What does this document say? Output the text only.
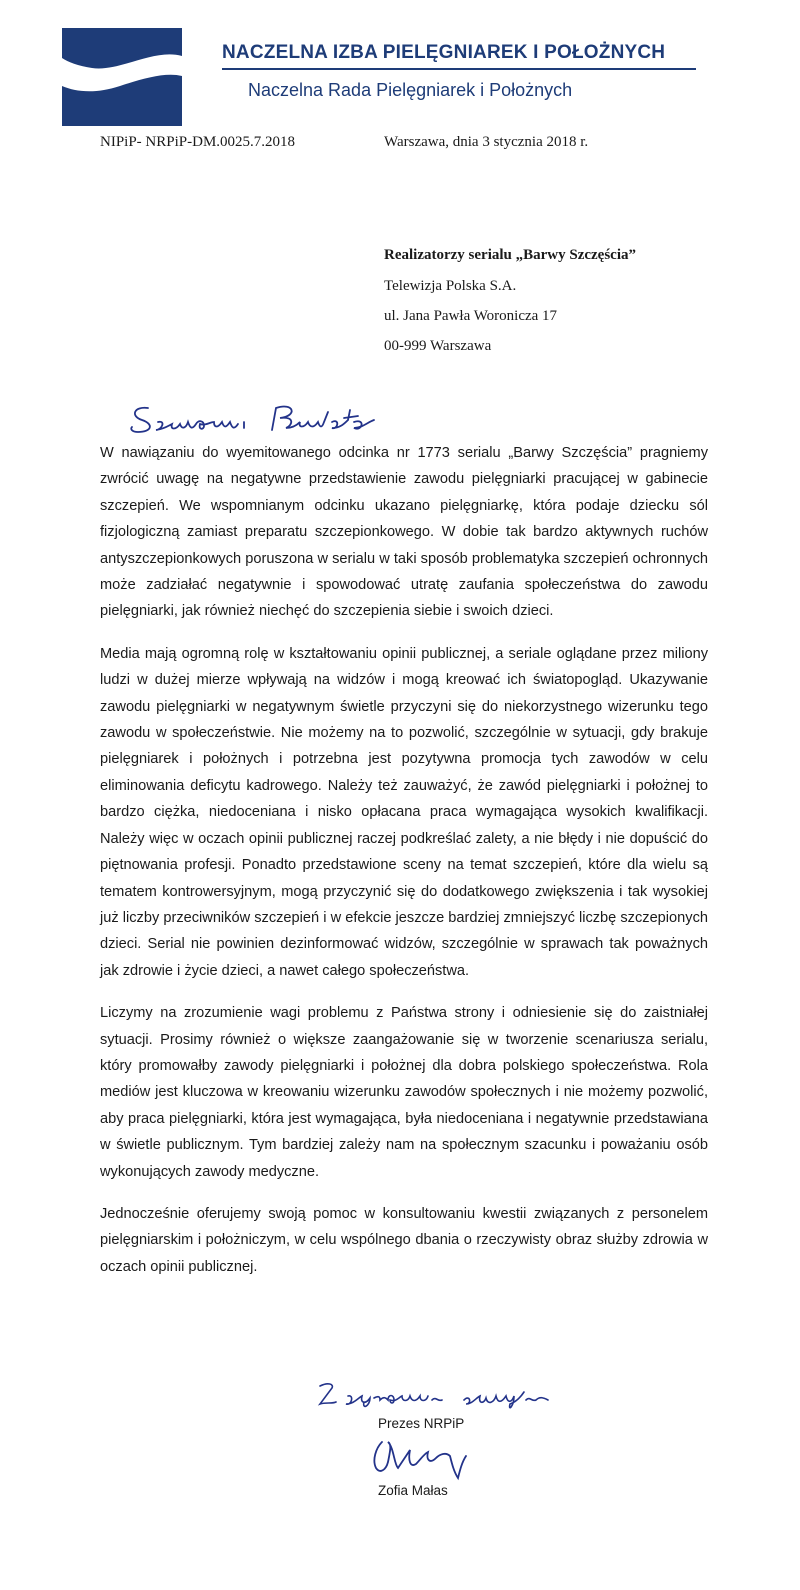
NACZELNA IZBA PIELĘGNIAREK I POŁOŻNYCH
Naczelna Rada Pielęgniarek i Położnych
NIPiP- NRPiP-DM.0025.7.2018	Warszawa, dnia 3 stycznia 2018 r.
Realizatorzy serialu „Barwy Szczęścia”
Telewizja Polska S.A.
ul. Jana Pawła Woronicza 17
00-999 Warszawa

W nawiązaniu do wyemitowanego odcinka nr 1773 serialu „Barwy Szczęścia” pragniemy zwrócić uwagę na negatywne przedstawienie zawodu pielęgniarki pracującej w gabinecie szczepień. We wspomnianym odcinku ukazano pielęgniarkę, która podaje dziecku sól fizjologiczną zamiast preparatu szczepionkowego. W dobie tak bardzo aktywnych ruchów antyszczepionkowych poruszona w serialu w taki sposób problematyka szczepień ochronnych może zadziałać negatywnie i spowodować utratę zaufania społeczeństwa do zawodu pielęgniarki, jak również niechęć do szczepienia siebie i swoich dzieci.

Media mają ogromną rolę w kształtowaniu opinii publicznej, a seriale oglądane przez miliony ludzi w dużej mierze wpływają na widzów i mogą kreować ich światopogląd. Ukazywanie zawodu pielęgniarki w negatywnym świetle przyczyni się do niekorzystnego wizerunku tego zawodu w społeczeństwie. Nie możemy na to pozwolić, szczególnie w sytuacji, gdy brakuje pielęgniarek i położnych i potrzebna jest pozytywna promocja tych zawodów w celu eliminowania deficytu kadrowego. Należy też zauważyć, że zawód pielęgniarki i położnej to bardzo ciężka, niedoceniana i nisko opłacana praca wymagająca wysokich kwalifikacji. Należy więc w oczach opinii publicznej raczej podkreślać zalety, a nie błędy i nie dopuścić do piętnowania profesji. Ponadto przedstawione sceny na temat szczepień, które dla wielu są tematem kontrowersyjnym, mogą przyczynić się do dodatkowego zwiększenia i tak wysokiej już liczby przeciwników szczepień i w efekcie jeszcze bardziej zmniejszyć liczbę szczepionych dzieci. Serial nie powinien dezinformować widzów, szczególnie w sprawach tak poważnych jak zdrowie i życie dzieci, a nawet całego społeczeństwa.

Liczymy na zrozumienie wagi problemu z Państwa strony i odniesienie się do zaistniałej sytuacji. Prosimy również o większe zaangażowanie się w tworzenie scenariusza serialu, który promowałby zawody pielęgniarki i położnej dla dobra polskiego społeczeństwa. Rola mediów jest kluczowa w kreowaniu wizerunku zawodów społecznych i nie możemy pozwolić, aby praca pielęgniarki, która jest wymagająca, była niedoceniana i negatywnie przedstawiana w świetle publicznym. Tym bardziej zależy nam na społecznym szacunku i poważaniu osób wykonujących zawody medyczne.

Jednocześnie oferujemy swoją pomoc w konsultowaniu kwestii związanych z personelem pielęgniarskim i położniczym, w celu wspólnego dbania o rzeczywisty obraz służby zdrowia w oczach opinii publicznej.

Prezes NRPiP
Zofia Małas
